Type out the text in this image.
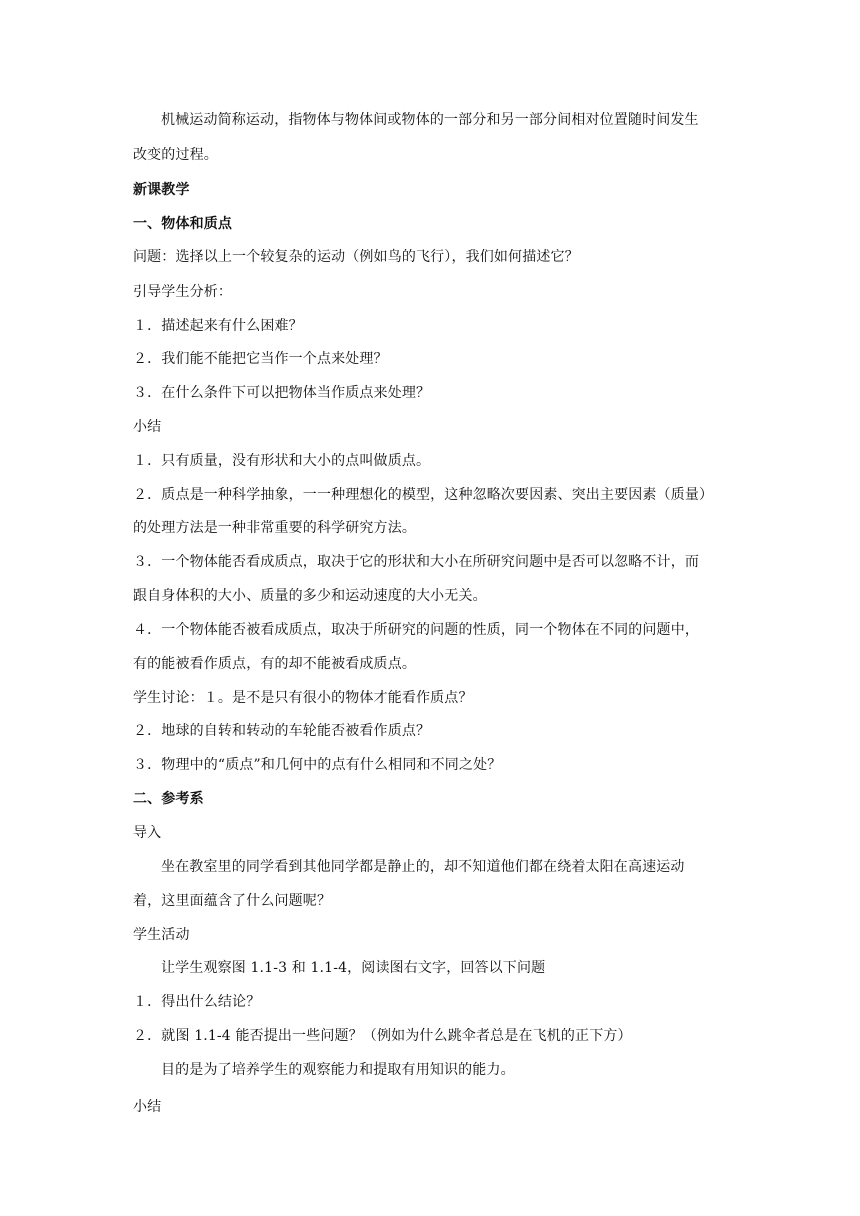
机械运动简称运动，指物体与物体间或物体的一部分和另一部分间相对位置随时间发生
改变的过程。
新课教学
一、物体和质点
问题：选择以上一个较复杂的运动（例如鸟的飞行），我们如何描述它？
引导学生分析：
１．描述起来有什么困难？
２．我们能不能把它当作一个点来处理？
３．在什么条件下可以把物体当作质点来处理？
小结
１．只有质量，没有形状和大小的点叫做质点。
２．质点是一种科学抽象，一一种理想化的模型，这种忽略次要因素、突出主要因素（质量）
的处理方法是一种非常重要的科学研究方法。
３．一个物体能否看成质点，取决于它的形状和大小在所研究问题中是否可以忽略不计，而
跟自身体积的大小、质量的多少和运动速度的大小无关。
４．一个物体能否被看成质点，取决于所研究的问题的性质，同一个物体在不同的问题中，
有的能被看作质点，有的却不能被看成质点。
学生讨论：１。是不是只有很小的物体才能看作质点？
２．地球的自转和转动的车轮能否被看作质点？
３．物理中的“质点”和几何中的点有什么相同和不同之处？
二、参考系
导入
坐在教室里的同学看到其他同学都是静止的，却不知道他们都在绕着太阳在高速运动
着，这里面蕴含了什么问题呢？
学生活动
让学生观察图 1.1-3 和 1.1-4，阅读图右文字，回答以下问题
１．得出什么结论？
２．就图 1.1-4 能否提出一些问题？（例如为什么跳伞者总是在飞机的正下方）
目的是为了培养学生的观察能力和提取有用知识的能力。
小结
